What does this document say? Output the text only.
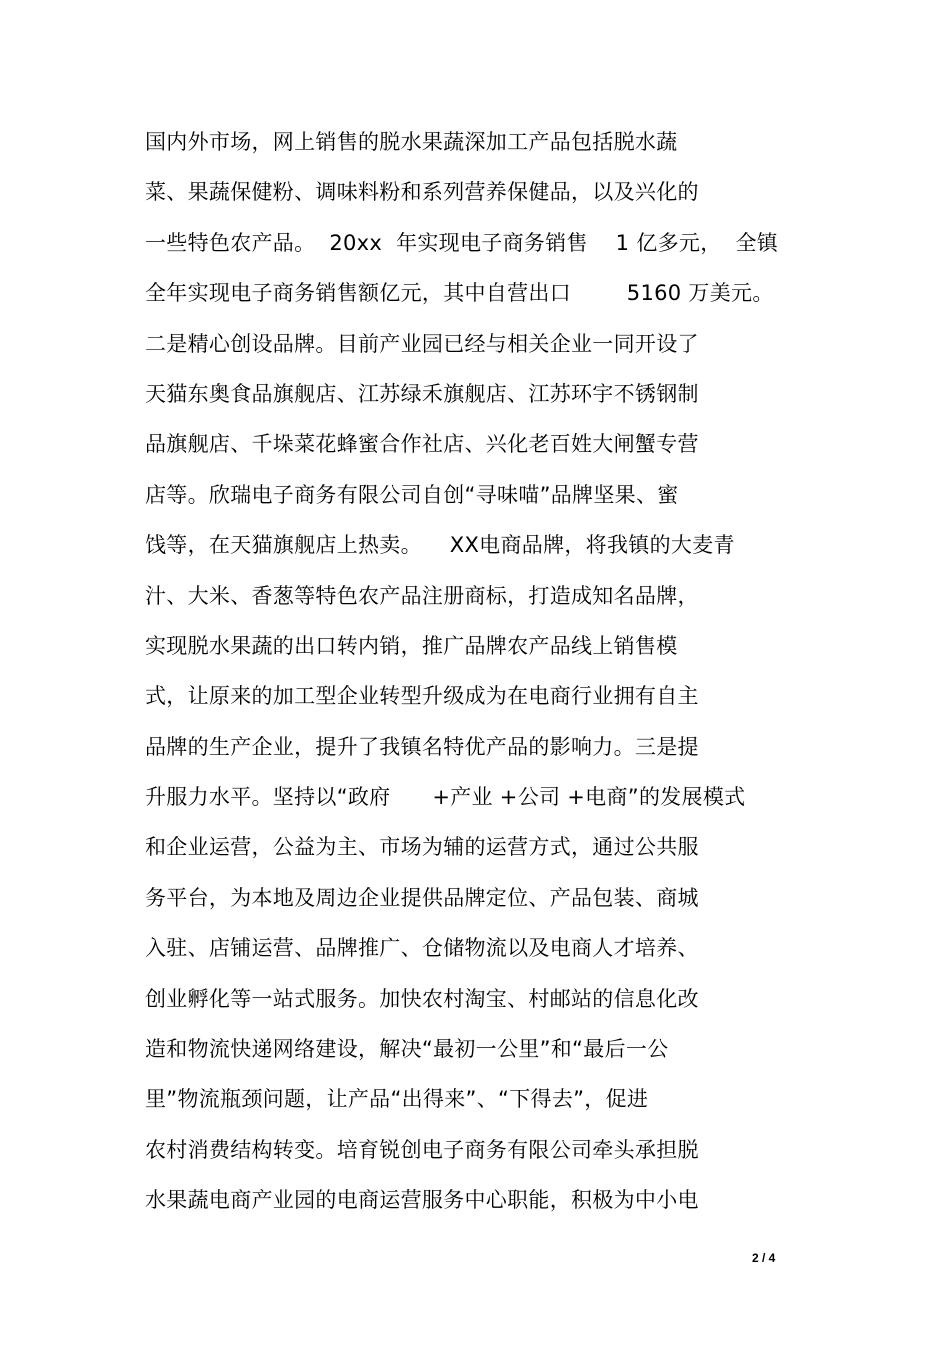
国内外市场，网上销售的脱水果蔬深加工产品包括脱水蔬
菜、果蔬保健粉、调味料粉和系列营养保健品，以及兴化的
一些特色农产品。  20xx  年实现电子商务销售    1 亿多元，  全镇
全年实现电子商务销售额亿元，其中自营出口        5160 万美元。
二是精心创设品牌。目前产业园已经与相关企业一同开设了
天猫东奥食品旗舰店、江苏绿禾旗舰店、江苏环宇不锈钢制
品旗舰店、千垛菜花蜂蜜合作社店、兴化老百姓大闸蟹专营
店等。欣瑞电子商务有限公司自创“寻味喵”品牌坚果、蜜
饯等，在天猫旗舰店上热卖。    XX电商品牌，将我镇的大麦青
汁、大米、香葱等特色农产品注册商标，打造成知名品牌，
实现脱水果蔬的出口转内销，推广品牌农产品线上销售模
式，让原来的加工型企业转型升级成为在电商行业拥有自主
品牌的生产企业，提升了我镇名特优产品的影响力。三是提
升服力水平。坚持以“政府      +产业 +公司 +电商”的发展模式
和企业运营，公益为主、市场为辅的运营方式，通过公共服
务平台，为本地及周边企业提供品牌定位、产品包装、商城
入驻、店铺运营、品牌推广、仓储物流以及电商人才培养、
创业孵化等一站式服务。加快农村淘宝、村邮站的信息化改
造和物流快递网络建设，解决“最初一公里”和“最后一公
里”物流瓶颈问题，让产品“出得来”、“下得去”，促进
农村消费结构转变。培育锐创电子商务有限公司牵头承担脱
水果蔬电商产业园的电商运营服务中心职能，积极为中小电
2 / 4
